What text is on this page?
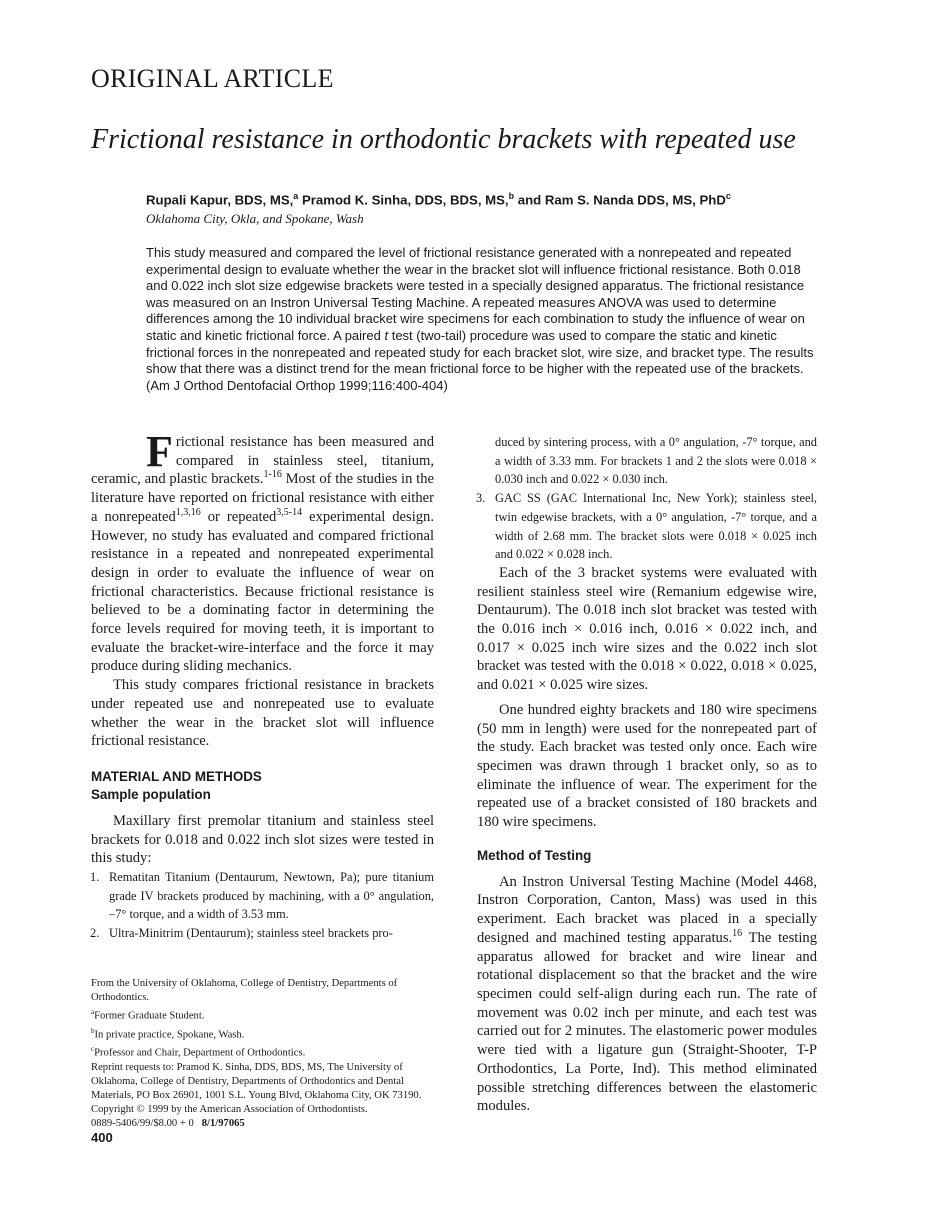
ORIGINAL ARTICLE
Frictional resistance in orthodontic brackets with repeated use
Rupali Kapur, BDS, MS,$^a$ Pramod K. Sinha, DDS, BDS, MS,$^b$ and Ram S. Nanda DDS, MS, PhD$^c$
Oklahoma City, Okla, and Spokane, Wash

This study measured and compared the level of frictional resistance generated with a nonrepeated and repeated experimental design to evaluate whether the wear in the bracket slot will influence frictional resistance. Both 0.018 and 0.022 inch slot size edgewise brackets were tested in a specially designed apparatus. The frictional resistance was measured on an Instron Universal Testing Machine. A repeated measures ANOVA was used to determine differences among the 10 individual bracket wire specimens for each combination to study the influence of wear on static and kinetic frictional force. A paired t test (two-tail) procedure was used to compare the static and kinetic frictional forces in the nonrepeated and repeated study for each bracket slot, wire size, and bracket type. The results show that there was a distinct trend for the mean frictional force to be higher with the repeated use of the brackets. (Am J Orthod Dentofacial Orthop 1999;116:400-404)

Frictional resistance has been measured and compared in stainless steel, titanium, ceramic, and plastic brackets.$^{1-16}$ Most of the studies in the literature have reported on frictional resistance with either a nonrepeated$^{1,3,16}$ or repeated$^{3,5-14}$ experimental design. However, no study has evaluated and compared frictional resistance in a repeated and nonrepeated experimental design in order to evaluate the influence of wear on frictional characteristics. Because frictional resistance is believed to be a dominating factor in determining the force levels required for moving teeth, it is important to evaluate the bracket-wire-interface and the force it may produce during sliding mechanics.

This study compares frictional resistance in brackets under repeated use and nonrepeated use to evaluate whether the wear in the bracket slot will influence frictional resistance.

MATERIAL AND METHODS
Sample population

Maxillary first premolar titanium and stainless steel brackets for 0.018 and 0.022 inch slot sizes were tested in this study:

1. Rematitan Titanium (Dentaurum, Newtown, Pa); pure titanium grade IV brackets produced by machining, with a 0° angulation, –7° torque, and a width of 3.53 mm.
2. Ultra-Minitrim (Dentaurum); stainless steel brackets pro-
duced by sintering process, with a 0° angulation, -7° torque, and a width of 3.33 mm. For brackets 1 and 2 the slots were 0.018 × 0.030 inch and 0.022 × 0.030 inch.
3. GAC SS (GAC International Inc, New York); stainless steel, twin edgewise brackets, with a 0° angulation, -7° torque, and a width of 2.68 mm. The bracket slots were 0.018 × 0.025 inch and 0.022 × 0.028 inch.

Each of the 3 bracket systems were evaluated with resilient stainless steel wire (Remanium edgewise wire, Dentaurum). The 0.018 inch slot bracket was tested with the 0.016 inch × 0.016 inch, 0.016 × 0.022 inch, and 0.017 × 0.025 inch wire sizes and the 0.022 inch slot bracket was tested with the 0.018 × 0.022, 0.018 × 0.025, and 0.021 × 0.025 wire sizes.

One hundred eighty brackets and 180 wire specimens (50 mm in length) were used for the nonrepeated part of the study. Each bracket was tested only once. Each wire specimen was drawn through 1 bracket only, so as to eliminate the influence of wear. The experiment for the repeated use of a bracket consisted of 180 brackets and 180 wire specimens.

Method of Testing

An Instron Universal Testing Machine (Model 4468, Instron Corporation, Canton, Mass) was used in this experiment. Each bracket was placed in a specially designed and machined testing apparatus.$^{16}$ The testing apparatus allowed for bracket and wire linear and rotational displacement so that the bracket and the wire specimen could self-align during each run. The rate of movement was 0.02 inch per minute, and each test was carried out for 2 minutes. The elastomeric power modules were tied with a ligature gun (Straight-Shooter, T-P Orthodontics, La Porte, Ind). This method eliminated possible stretching differences between the elastomeric modules.

From the University of Oklahoma, College of Dentistry, Departments of Orthodontics.
$^a$Former Graduate Student.
$^b$In private practice, Spokane, Wash.
$^c$Professor and Chair, Department of Orthodontics.
Reprint requests to: Pramod K. Sinha, DDS, BDS, MS, The University of Oklahoma, College of Dentistry, Departments of Orthodontics and Dental Materials, PO Box 26901, 1001 S.L. Young Blvd, Oklahoma City, OK 73190.
Copyright © 1999 by the American Association of Orthodontists.
0889-5406/99/$8.00 + 0 8/1/97065
400
